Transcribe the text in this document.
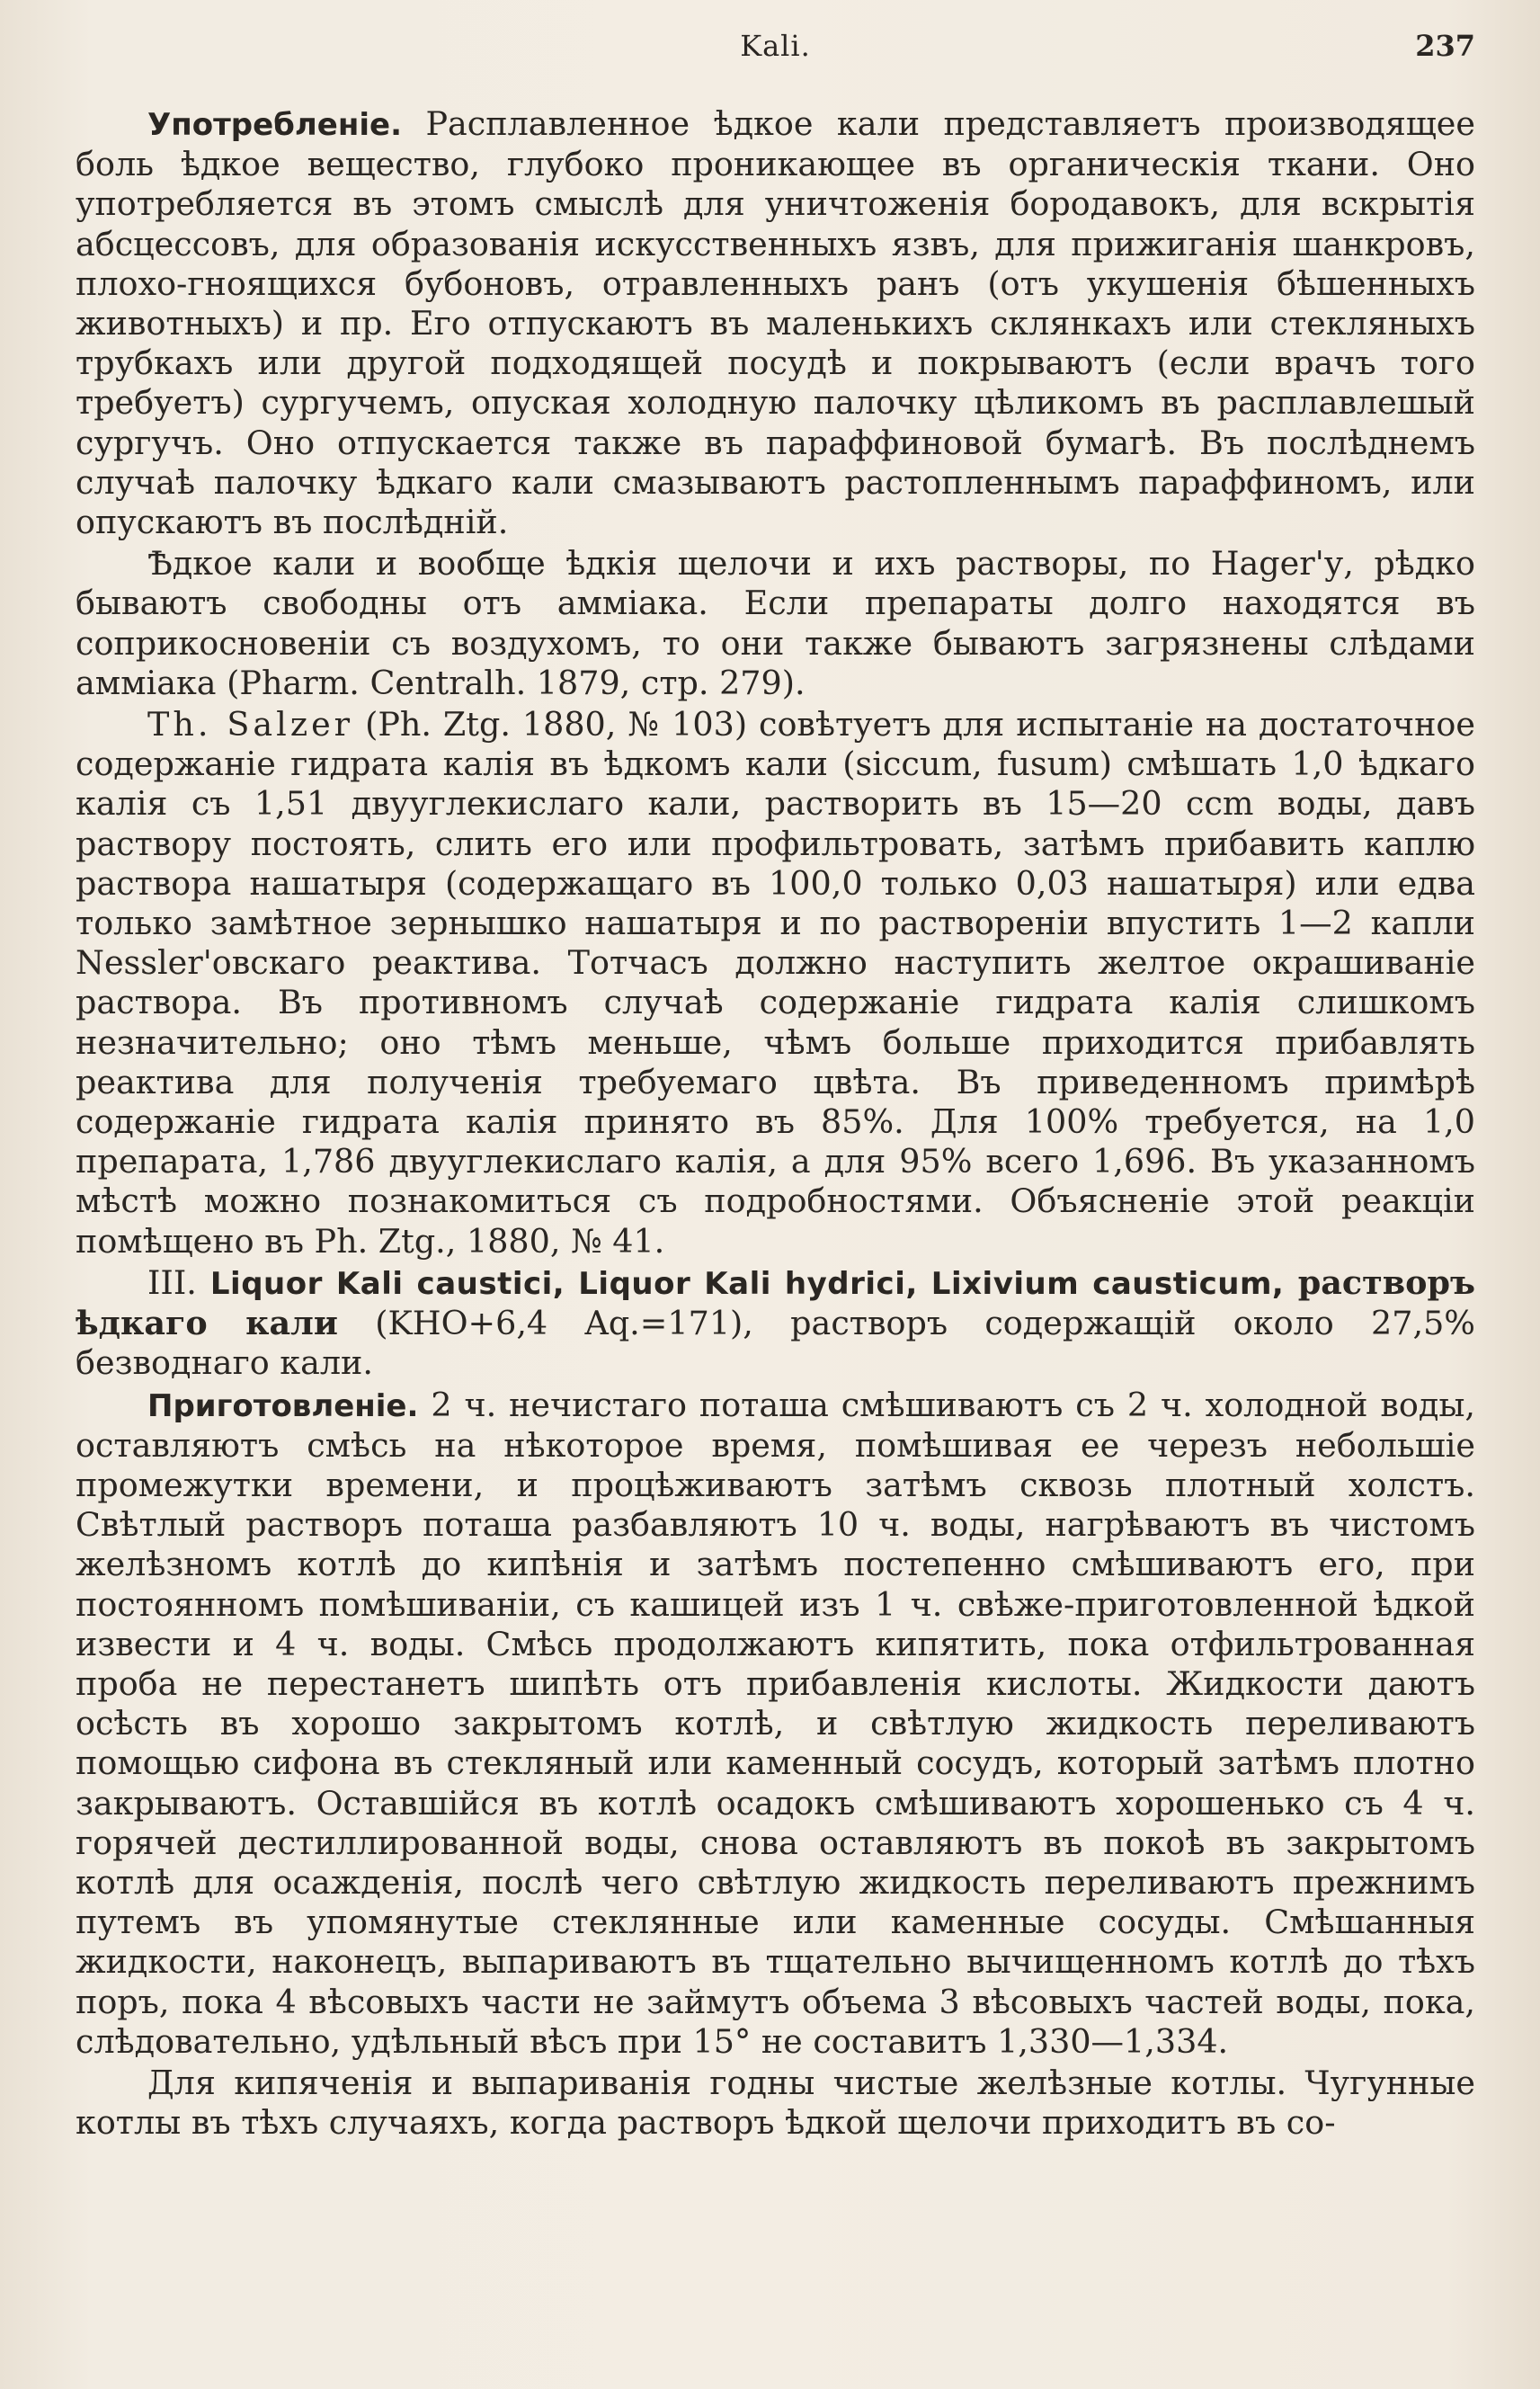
Kali.	237

Употребленіе. Расплавленное ѣдкое кали представляетъ производящее боль ѣдкое вещество, глубоко проникающее въ органическія ткани. Оно употребляется въ этомъ смыслѣ для уничтоженія бородавокъ, для вскрытія абсцессовъ, для образованія искусственныхъ язвъ, для прижиганія шанкровъ, плохо-гноящихся бубоновъ, отравленныхъ ранъ (отъ укушенія бѣшенныхъ животныхъ) и пр. Его отпускаютъ въ маленькихъ склянкахъ или стекляныхъ трубкахъ или другой подходящей посудѣ и покрываютъ (если врачъ того требуетъ) сургучемъ, опуская холодную палочку цѣликомъ въ расплавлешый сургучъ. Оно отпускается также въ параффиновой бумагѣ. Въ послѣднемъ случаѣ палочку ѣдкаго кали смазываютъ растопленнымъ параффиномъ, или опускаютъ въ послѣдній.

Ѣдкое кали и вообще ѣдкія щелочи и ихъ растворы, по Hager'у, рѣдко бываютъ свободны отъ амміака. Если препараты долго находятся въ соприкосновеніи съ воздухомъ, то они также бываютъ загрязнены слѣдами амміака (Pharm. Centralh. 1879, стр. 279).

Th. Salzer (Ph. Ztg. 1880, № 103) совѣтуетъ для испытаніе на достаточное содержаніе гидрата калія въ ѣдкомъ кали (siccum, fusum) смѣшать 1,0 ѣдкаго калія съ 1,51 двууглекислаго кали, растворить въ 15—20 ccm воды, давъ раствору постоять, слить его или профильтровать, затѣмъ прибавить каплю раствора нашатыря (содержащаго въ 100,0 только 0,03 нашатыря) или едва только замѣтное зернышко нашатыря и по раствореніи впустить 1—2 капли Nessler'овскаго реактива. Тотчасъ должно наступить желтое окрашиваніе раствора. Въ противномъ случаѣ содержаніе гидрата калія слишкомъ незначительно; оно тѣмъ меньше, чѣмъ больше приходится прибавлять реактива для полученія требуемаго цвѣта. Въ приведенномъ примѣрѣ содержаніе гидрата калія принято въ 85%. Для 100% требуется, на 1,0 препарата, 1,786 двууглекислаго калія, а для 95% всего 1,696. Въ указанномъ мѣстѣ можно познакомиться съ подробностями. Объясненіе этой реакціи помѣщено въ Ph. Ztg., 1880, № 41.

III. Liquor Kali caustici, Liquor Kali hydrici, Lixivium causticum, растворъ ѣдкаго кали (KHO+6,4 Aq.=171), растворъ содержащій около 27,5% безводнаго кали.

Приготовленіе. 2 ч. нечистаго поташа смѣшиваютъ съ 2 ч. холодной воды, оставляютъ смѣсь на нѣкоторое время, помѣшивая ее черезъ небольшіе промежутки времени, и процѣживаютъ затѣмъ сквозь плотный холстъ. Свѣтлый растворъ поташа разбавляютъ 10 ч. воды, нагрѣваютъ въ чистомъ желѣзномъ котлѣ до кипѣнія и затѣмъ постепенно смѣшиваютъ его, при постоянномъ помѣшиваніи, съ кашицей изъ 1 ч. свѣже-приготовленной ѣдкой извести и 4 ч. воды. Смѣсь продолжаютъ кипятить, пока отфильтрованная проба не перестанетъ шипѣть отъ прибавленія кислоты. Жидкости даютъ осѣсть въ хорошо закрытомъ котлѣ, и свѣтлую жидкость переливаютъ помощью сифона въ стекляный или каменный сосудъ, который затѣмъ плотно закрываютъ. Оставшійся въ котлѣ осадокъ смѣшиваютъ хорошенько съ 4 ч. горячей дестиллированной воды, снова оставляютъ въ покоѣ въ закрытомъ котлѣ для осажденія, послѣ чего свѣтлую жидкость переливаютъ прежнимъ путемъ въ упомянутые стеклянные или каменные сосуды. Смѣшанныя жидкости, наконецъ, выпариваютъ въ тщательно вычищенномъ котлѣ до тѣхъ поръ, пока 4 вѣсовыхъ части не займутъ объема 3 вѣсовыхъ частей воды, пока, слѣдовательно, удѣльный вѣсъ при 15° не составитъ 1,330—1,334.

Для кипяченія и выпариванія годны чистые желѣзные котлы. Чугунные котлы въ тѣхъ случаяхъ, когда растворъ ѣдкой щелочи приходитъ въ со-
